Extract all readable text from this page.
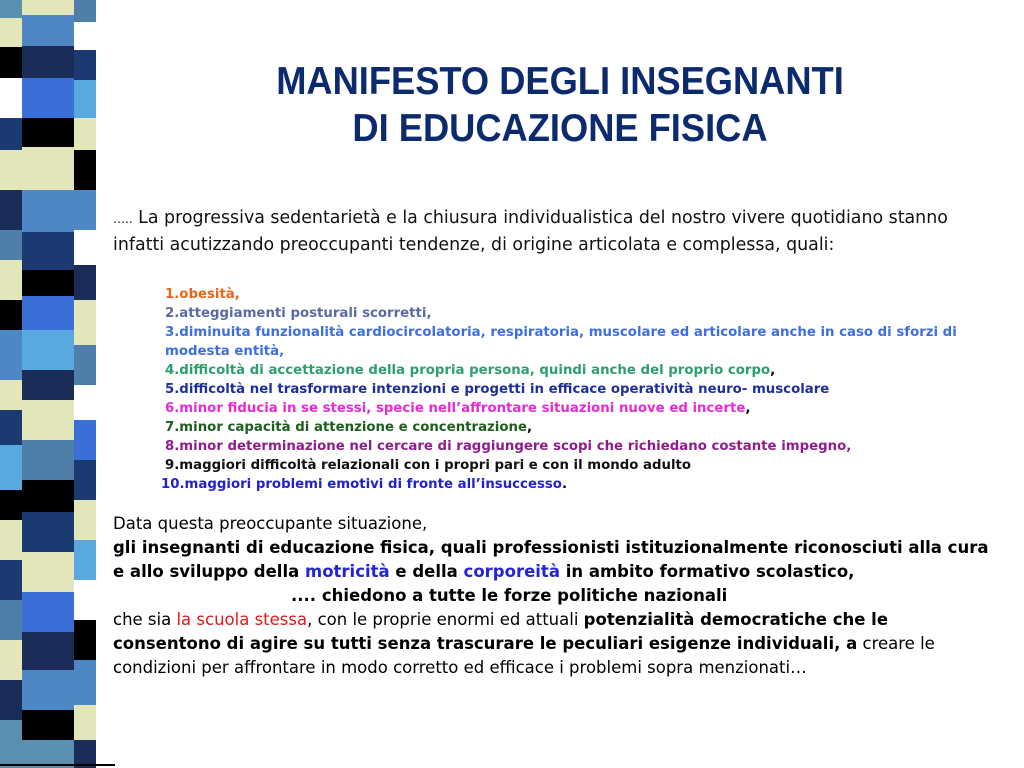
MANIFESTO DEGLI INSEGNANTI
DI EDUCAZIONE FISICA

….. La progressiva sedentarietà e la chiusura individualistica del nostro vivere quotidiano stanno infatti acutizzando preoccupanti tendenze, di origine articolata e complessa, quali:

1.obesità,
2.atteggiamenti posturali scorretti,
3.diminuita funzionalità cardiocircolatoria, respiratoria, muscolare ed articolare anche in caso di sforzi di modesta entità,
4.difficoltà di accettazione della propria persona, quindi anche del proprio corpo,
5.difficoltà nel trasformare intenzioni e progetti in efficace operatività neuro- muscolare
6.minor fiducia in se stessi, specie nell’affrontare situazioni nuove ed incerte,
7.minor capacità di attenzione e concentrazione,
8.minor determinazione nel cercare di raggiungere scopi che richiedano costante impegno,
9.maggiori difficoltà relazionali con i propri pari e con il mondo adulto
10.maggiori problemi emotivi di fronte all’insuccesso.
Data questa preoccupante situazione,
gli insegnanti di educazione fisica, quali professionisti istituzionalmente riconosciuti alla cura e allo sviluppo della motricità e della corporeità in ambito formativo scolastico,
.... chiedono a tutte le forze politiche nazionali
che sia la scuola stessa, con le proprie enormi ed attuali potenzialità democratiche che le consentono di agire su tutti senza trascurare le peculiari esigenze individuali, a creare le condizioni per affrontare in modo corretto ed efficace i problemi sopra menzionati…
